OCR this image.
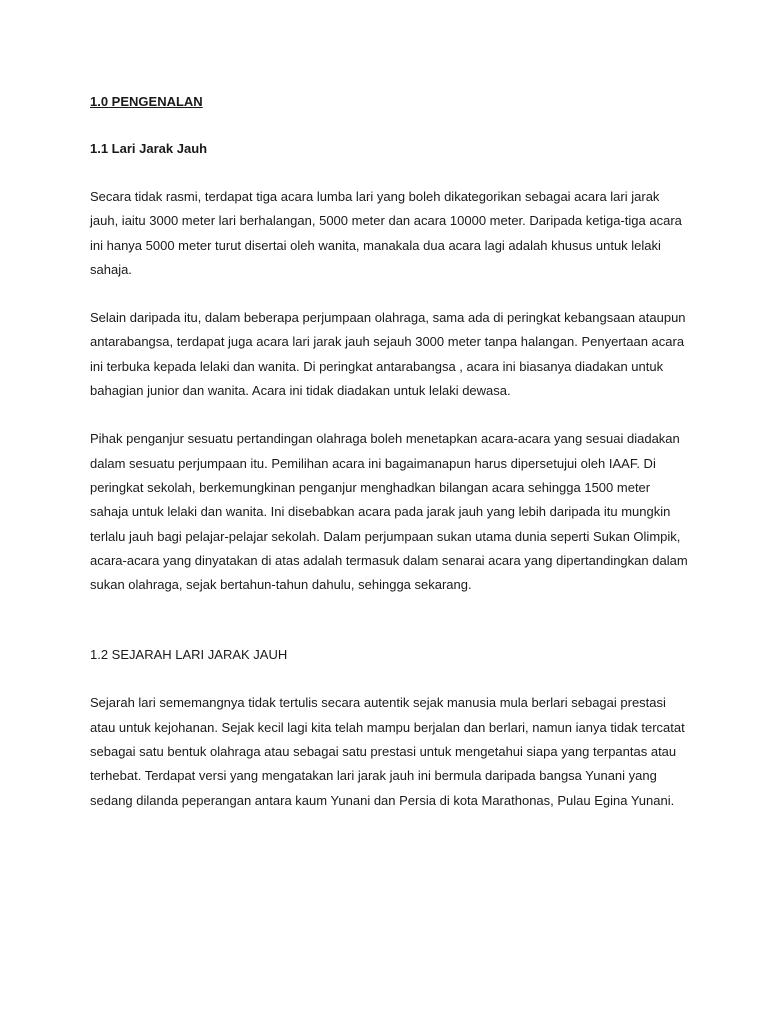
1.0 PENGENALAN
1.1 Lari Jarak Jauh

Secara tidak rasmi, terdapat tiga acara lumba lari yang boleh dikategorikan sebagai acara lari jarak jauh, iaitu 3000 meter lari berhalangan, 5000 meter dan acara 10000 meter. Daripada ketiga-tiga acara ini hanya 5000 meter turut disertai oleh wanita, manakala dua acara lagi adalah khusus untuk lelaki sahaja.

Selain daripada itu, dalam beberapa perjumpaan olahraga, sama ada di peringkat kebangsaan ataupun antarabangsa, terdapat juga acara lari jarak jauh sejauh 3000 meter tanpa halangan. Penyertaan acara ini terbuka kepada lelaki dan wanita. Di peringkat antarabangsa , acara ini biasanya diadakan untuk bahagian junior dan wanita. Acara ini tidak diadakan untuk lelaki dewasa.

Pihak penganjur sesuatu pertandingan olahraga boleh menetapkan acara-acara yang sesuai diadakan dalam sesuatu perjumpaan itu. Pemilihan acara ini bagaimanapun harus dipersetujui oleh IAAF. Di peringkat sekolah, berkemungkinan penganjur menghadkan bilangan acara sehingga 1500 meter sahaja untuk lelaki dan wanita. Ini disebabkan acara pada jarak jauh yang lebih daripada itu mungkin terlalu jauh bagi pelajar-pelajar sekolah. Dalam perjumpaan sukan utama dunia seperti Sukan Olimpik, acara-acara yang dinyatakan di atas adalah termasuk dalam senarai acara yang dipertandingkan dalam sukan olahraga, sejak bertahun-tahun dahulu, sehingga sekarang.

1.2 SEJARAH LARI JARAK JAUH

Sejarah lari sememangnya tidak tertulis secara autentik sejak manusia mula berlari sebagai prestasi atau untuk kejohanan. Sejak kecil lagi kita telah mampu berjalan dan berlari, namun ianya tidak tercatat sebagai satu bentuk olahraga atau sebagai satu prestasi untuk mengetahui siapa yang terpantas atau terhebat. Terdapat versi yang mengatakan lari jarak jauh ini bermula daripada bangsa Yunani yang sedang dilanda peperangan antara kaum Yunani dan Persia di kota Marathonas, Pulau Egina Yunani.
